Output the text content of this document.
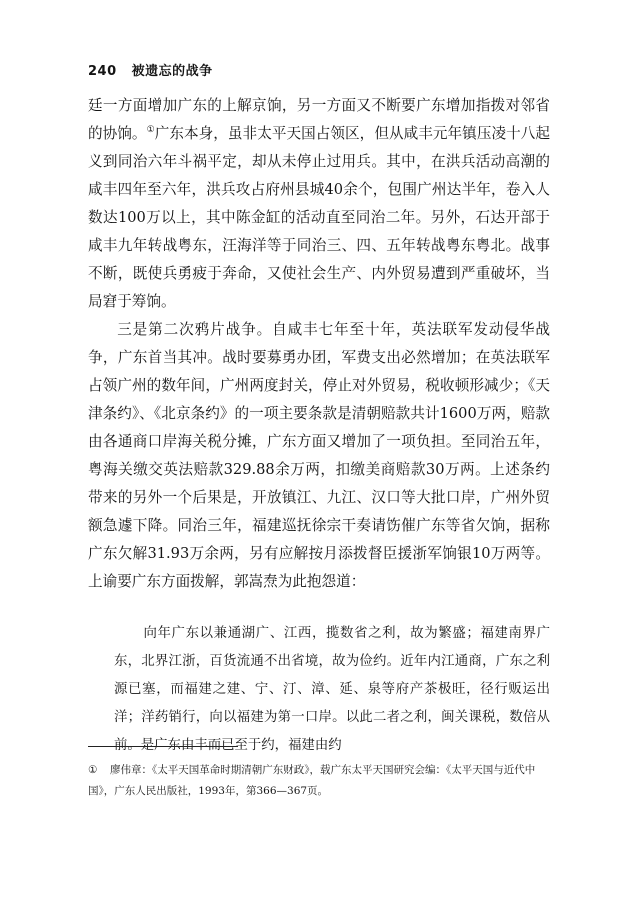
240 被遗忘的战争

廷一方面增加广东的上解京饷，另一方面又不断要广东增加指拨对邻省的协饷。①广东本身，虽非太平天国占领区，但从咸丰元年镇压凌十八起义到同治六年斗祸平定，却从未停止过用兵。其中，在洪兵活动高潮的咸丰四年至六年，洪兵攻占府州县城40余个，包围广州达半年，卷入人数达100万以上，其中陈金缸的活动直至同治二年。另外，石达开部于咸丰九年转战粤东，汪海洋等于同治三、四、五年转战粤东粤北。战事不断，既使兵勇疲于奔命，又使社会生产、内外贸易遭到严重破坏，当局窘于筹饷。

三是第二次鸦片战争。自咸丰七年至十年，英法联军发动侵华战争，广东首当其冲。战时要募勇办团，军费支出必然增加；在英法联军占领广州的数年间，广州两度封关，停止对外贸易，税收顿形减少；《天津条约》、《北京条约》的一项主要条款是清朝赔款共计1600万两，赔款由各通商口岸海关税分摊，广东方面又增加了一项负担。至同治五年，粤海关缴交英法赔款329.88余万两，扣缴美商赔款30万两。上述条约带来的另外一个后果是，开放镇江、九江、汉口等大批口岸，广州外贸额急遽下降。同治三年，福建巡抚徐宗干奏请饬催广东等省欠饷，据称广东欠解31.93万余两，另有应解按月添拨督臣援浙军饷银10万两等。上谕要广东方面拨解，郭嵩焘为此抱怨道：

向年广东以兼通湖广、江西，揽数省之利，故为繁盛；福建南界广东，北界江浙，百货流通不出省境，故为俭约。近年内江通商，广东之利源已塞，而福建之建、宁、汀、漳、延、泉等府产茶极旺，径行贩运出洋；洋药销行，向以福建为第一口岸。以此二者之利，闽关课税，数倍从前。是广东由丰而已至于约，福建由约
① 廖伟章：《太平天国革命时期清朝广东财政》，载广东太平天国研究会编：《太平天国与近代中国》，广东人民出版社，1993年，第366—367页。
